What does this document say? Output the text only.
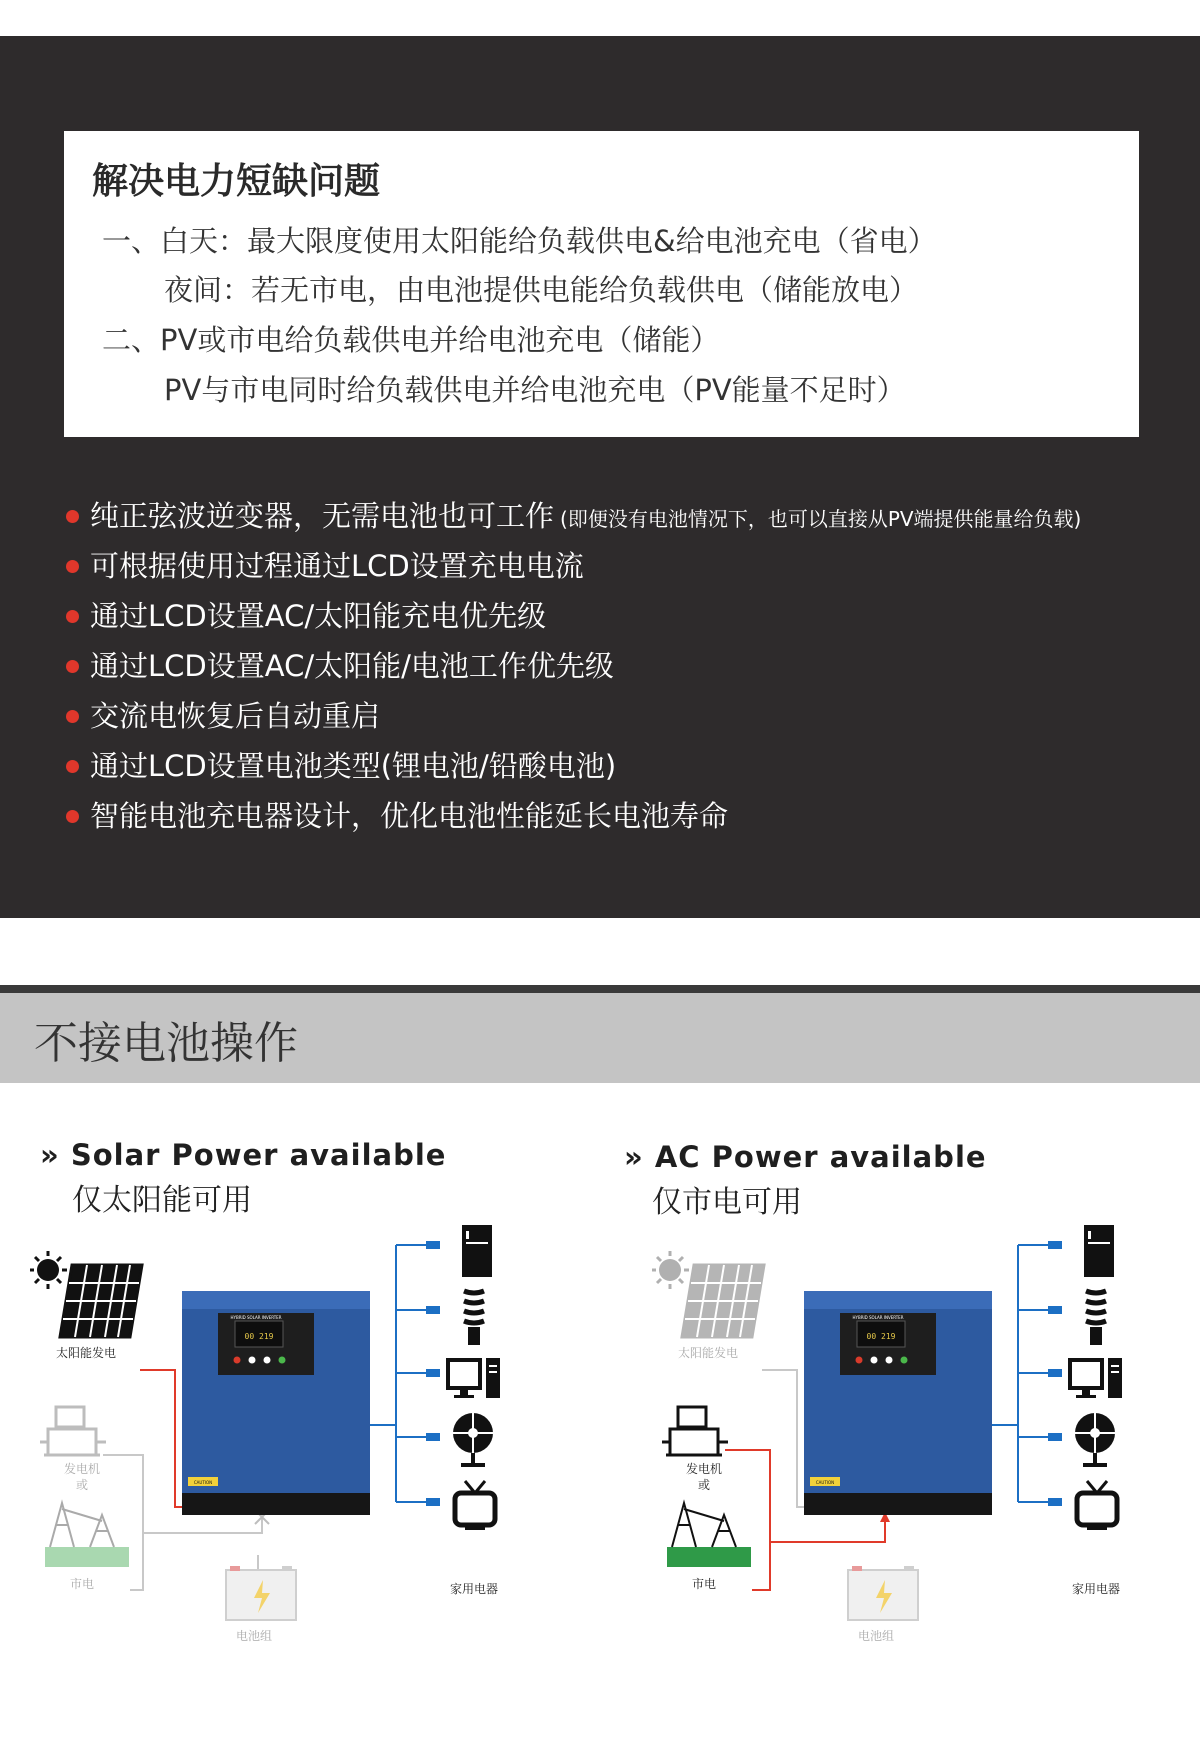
解决电力短缺问题
一、白天：最大限度使用太阳能给负载供电&给电池充电（省电）
夜间：若无市电，由电池提供电能给负载供电（储能放电）
二、PV或市电给负载供电并给电池充电（储能）
PV与市电同时给负载供电并给电池充电（PV能量不足时）
纯正弦波逆变器，无需电池也可工作 (即便没有电池情况下，也可以直接从PV端提供能量给负载)
可根据使用过程通过LCD设置充电电流
通过LCD设置AC/太阳能充电优先级
通过LCD设置AC/太阳能/电池工作优先级
交流电恢复后自动重启
通过LCD设置电池类型(锂电池/铅酸电池)
智能电池充电器设计，优化电池性能延长电池寿命
不接电池操作
» Solar Power available
仅太阳能可用
» AC Power available
仅市电可用
太阳能发电
发电机
或
市电
电池组
HYBRID SOLAR INVERTER
00 219
CAUTION
家用电器
太阳能发电
发电机
或
市电
电池组
HYBRID SOLAR INVERTER
00 219
CAUTION
家用电器
